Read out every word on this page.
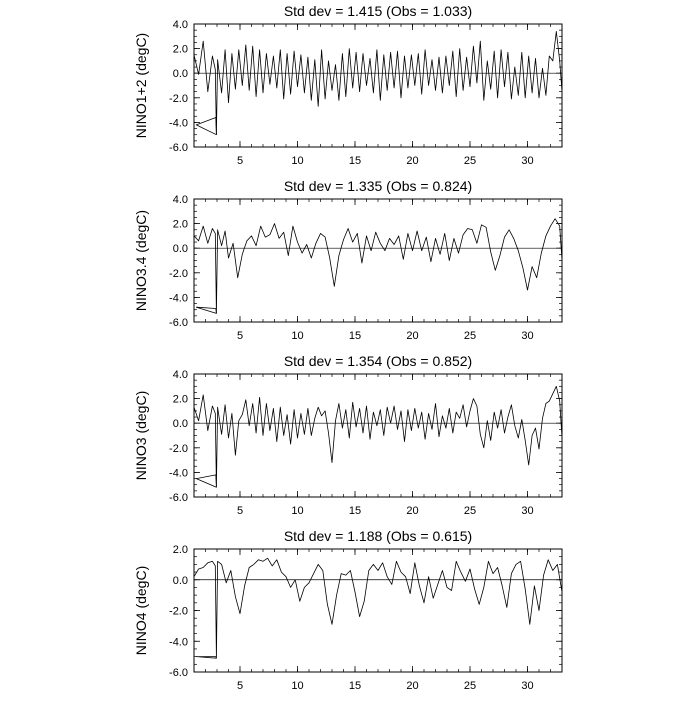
Std dev = 1.415 (Obs = 1.033)
NINO1+2 (degC)
5	10	15	20	25	30
4.0
2.0
0.0
-2.0
-4.0
-6.0
Std dev = 1.335 (Obs = 0.824)
NINO3.4 (degC)
5	10	15	20	25	30
4.0
2.0
0.0
-2.0
-4.0
-6.0
Std dev = 1.354 (Obs = 0.852)
NINO3 (degC)
5	10	15	20	25	30
4.0
2.0
0.0
-2.0
-4.0
-6.0
Std dev = 1.188 (Obs = 0.615)
NINO4 (degC)
5	10	15	20	25	30
2.0
0.0
-2.0
-4.0
-6.0
